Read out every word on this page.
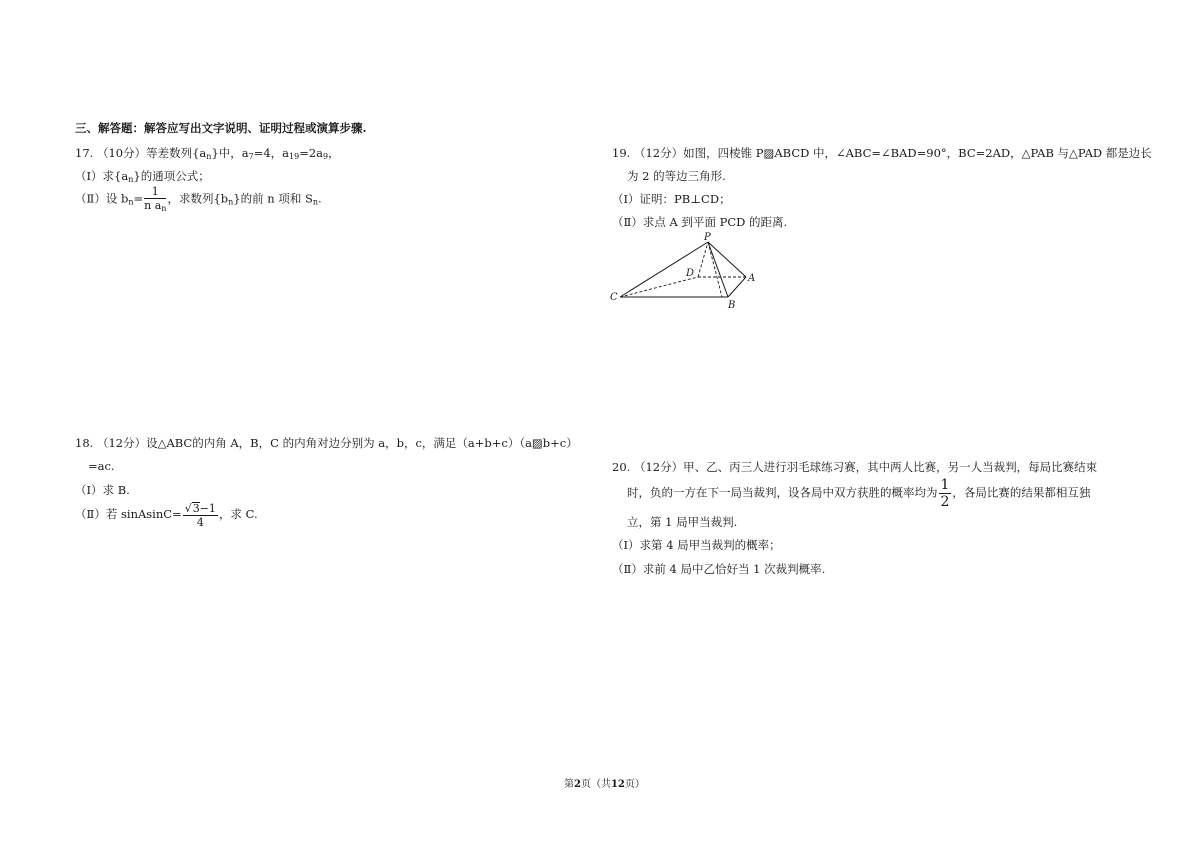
三、解答题：解答应写出文字说明、证明过程或演算步骤.
17. （10分）等差数列$\{a_n\}$中，$a_7=4$，$a_{19}=2a_9$，
（Ⅰ）求$\{a_n\}$的通项公式；
（Ⅱ）设 $b_n= \frac{1}{n a_n}$ ，求数列$\{b_n\}$的前 n 项和 $S_n$.
18. （12分）设△ABC的内角 A，B，C 的内角对边分别为 a，b，c，满足（a+b+c）（a▨b+c）
=ac.
（Ⅰ）求 B.
（Ⅱ）若 sinAsinC= $\frac{√3-1}{4}$ ，求 C.
19. （12分）如图，四棱锥 P▨ABCD 中，∠ABC=∠BAD=90°，BC=2AD，△PAB 与△PAD 都是边长
为 2 的等边三角形.
（Ⅰ）证明：PB⊥CD；
（Ⅱ）求点 A 到平面 PCD 的距离.
P
D	A
C
B
20. （12分）甲、乙、丙三人进行羽毛球练习赛，其中两人比赛，另一人当裁判，每局比赛结束
时，负的一方在下一局当裁判，设各局中双方获胜的概率均为 $\frac{1}{2}$ ，各局比赛的结果都相互独
立，第 1 局甲当裁判.
（Ⅰ）求第 4 局甲当裁判的概率；
（Ⅱ）求前 4 局中乙恰好当 1 次裁判概率.
第2页（共12页）
